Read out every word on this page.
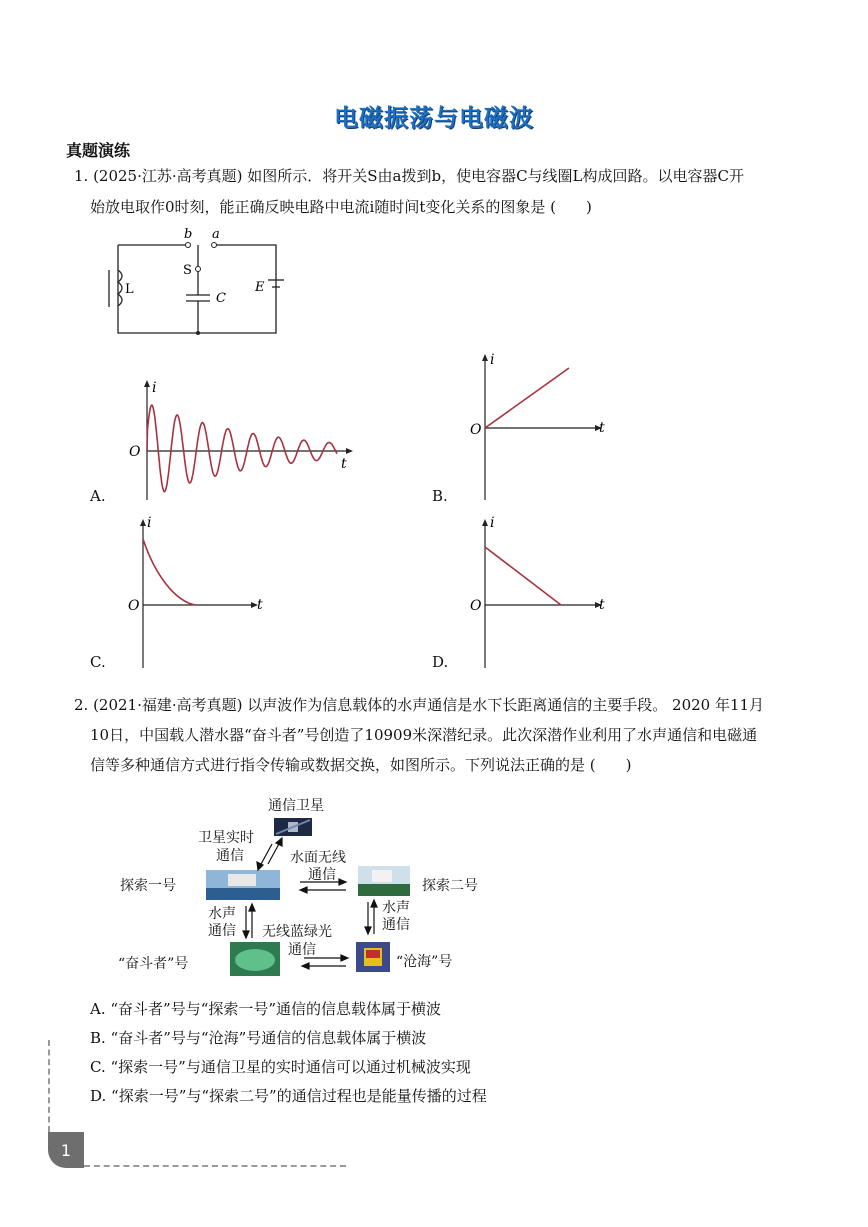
电磁振荡与电磁波
真题演练
1. (2025·江苏·高考真题) 如图所示．将开关S由a拨到b，使电容器C与线圈L构成回路。以电容器C开
始放电取作0时刻，能正确反映电路中电流i随时间t变化关系的图象是 (　　)
b a
S
L
C
E
i
O
t
A.
i
O	t
B.
i
O	t
C.
i
O	t
D.
2. (2021·福建·高考真题) 以声波作为信息载体的水声通信是水下长距离通信的主要手段。 2020 年11月
10日，中国载人潜水器“奋斗者”号创造了10909米深潜纪录。此次深潜作业利用了水声通信和电磁通
信等多种通信方式进行指令传输或数据交换，如图所示。下列说法正确的是 (　　)
通信卫星
卫星实时
通信	水面无线
通信
探索一号	探索二号
水声
通信
水声
通信
无线蓝绿光
通信
“奋斗者”号	“沧海”号
A. “奋斗者”号与“探索一号”通信的信息载体属于横波
B. “奋斗者”号与“沧海”号通信的信息载体属于横波
C. “探索一号”与通信卫星的实时通信可以通过机械波实现
D. “探索一号”与“探索二号”的通信过程也是能量传播的过程
1
